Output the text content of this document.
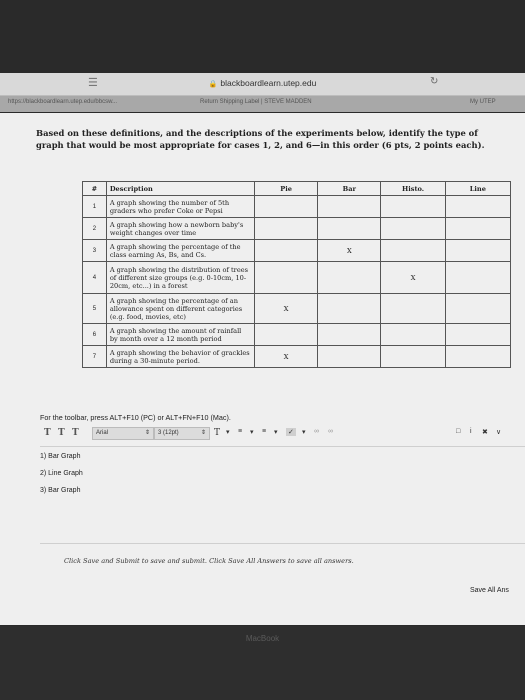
☰	🔒 blackboardlearn.utep.edu	↻
https://blackboardlearn.utep.edu/bbcsw...	Return Shipping Label | STEVE MADDEN	My UTEP
Based on these definitions, and the descriptions of the experiments below, identify the type of graph that would be most appropriate for cases 1, 2, and 6—in this order (6 pts, 2 points each).
#	Description	Pie	Bar	Histo.	Line
1	A graph showing the number of 5th graders who prefer Coke or Pepsi				
2	A graph showing how a newborn baby's weight changes over time				
3	A graph showing the percentage of the class earning As, Bs, and Cs.		X		
4	A graph showing the distribution of trees of different size groups (e.g. 0-10cm, 10-20cm, etc...) in a forest			X	
5	A graph showing the percentage of an allowance spent on different categories (e.g. food, movies, etc)	X			
6	A graph showing the amount of rainfall by month over a 12 month period				
7	A graph showing the behavior of grackles during a 30-minute period.	X			
For the toolbar, press ALT+F10 (PC) or ALT+FN+F10 (Mac).
T T T	Arial	⇕	3 (12pt)	⇕ T ▾ ≡ ▾ ≡ ▾ ✓ ▾ ∞ ∞	□ i ✖ ∨
1) Bar Graph
2) Line Graph
3) Bar Graph
Click Save and Submit to save and submit. Click Save All Answers to save all answers.
Save All Ans
MacBook
